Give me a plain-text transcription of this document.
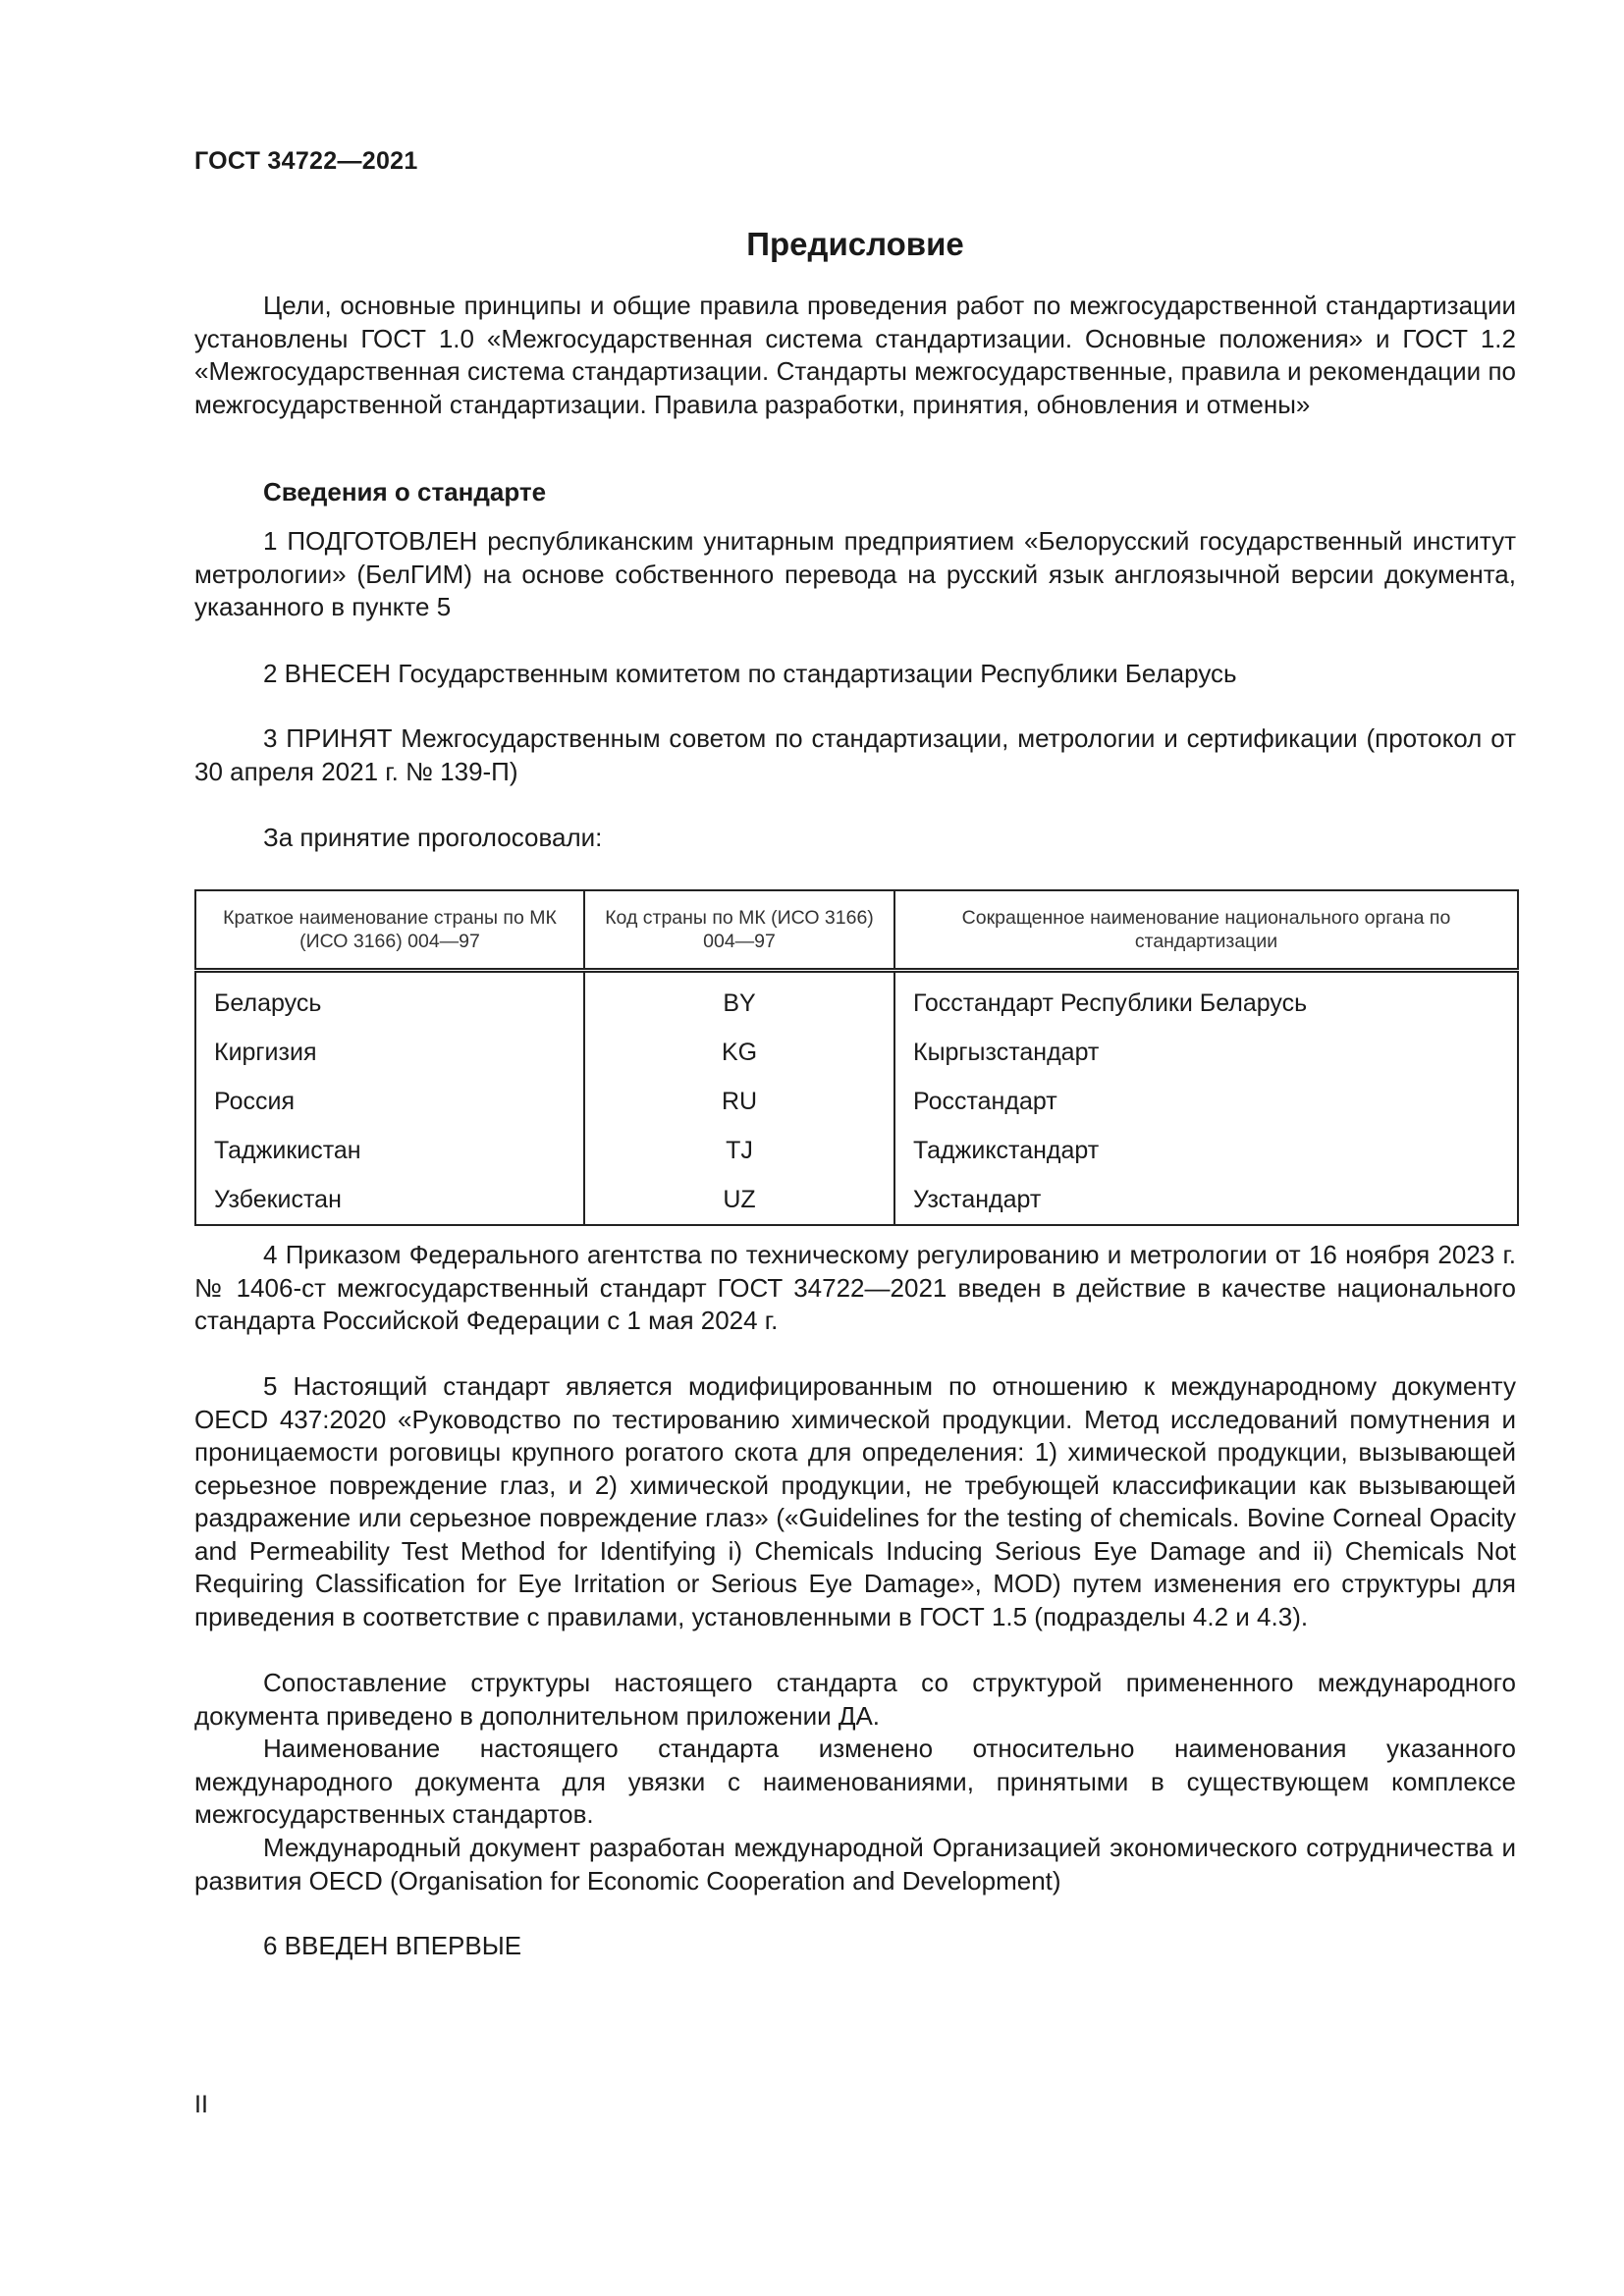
ГОСТ 34722—2021
Предисловие
Цели, основные принципы и общие правила проведения работ по межгосударственной стандартизации установлены ГОСТ 1.0 «Межгосударственная система стандартизации. Основные положения» и ГОСТ 1.2 «Межгосударственная система стандартизации. Стандарты межгосударственные, правила и рекомендации по межгосударственной стандартизации. Правила разработки, принятия, обновления и отмены»
Сведения о стандарте
1 ПОДГОТОВЛЕН республиканским унитарным предприятием «Белорусский государственный институт метрологии» (БелГИМ) на основе собственного перевода на русский язык англоязычной версии документа, указанного в пункте 5
2 ВНЕСЕН Государственным комитетом по стандартизации Республики Беларусь
3 ПРИНЯТ Межгосударственным советом по стандартизации, метрологии и сертификации (протокол от 30 апреля 2021 г. № 139-П)
За принятие проголосовали:
Краткое наименование страны по МК (ИСО 3166) 004—97	Код страны по МК (ИСО 3166) 004—97	Сокращенное наименование национального органа по стандартизации
Беларусь	BY	Госстандарт Республики Беларусь
Киргизия	KG	Кыргызстандарт
Россия	RU	Росстандарт
Таджикистан	TJ	Таджикстандарт
Узбекистан	UZ	Узстандарт
4 Приказом Федерального агентства по техническому регулированию и метрологии от 16 ноября 2023 г. № 1406-ст межгосударственный стандарт ГОСТ 34722—2021 введен в действие в качестве национального стандарта Российской Федерации с 1 мая 2024 г.
5 Настоящий стандарт является модифицированным по отношению к международному документу OECD 437:2020 «Руководство по тестированию химической продукции. Метод исследований помутнения и проницаемости роговицы крупного рогатого скота для определения: 1) химической продукции, вызывающей серьезное повреждение глаз, и 2) химической продукции, не требующей классификации как вызывающей раздражение или серьезное повреждение глаз» («Guidelines for the testing of chemicals. Bovine Corneal Opacity and Permeability Test Method for Identifying i) Chemicals Inducing Serious Eye Damage and ii) Chemicals Not Requiring Classification for Eye Irritation or Serious Eye Damage», MOD) путем изменения его структуры для приведения в соответствие с правилами, установленными в ГОСТ 1.5 (подразделы 4.2 и 4.3).
Сопоставление структуры настоящего стандарта со структурой примененного международного документа приведено в дополнительном приложении ДА.
Наименование настоящего стандарта изменено относительно наименования указанного международного документа для увязки с наименованиями, принятыми в существующем комплексе межгосударственных стандартов.
Международный документ разработан международной Организацией экономического сотрудничества и развития OECD (Organisation for Economic Cooperation and Development)
6 ВВЕДЕН ВПЕРВЫЕ
II
